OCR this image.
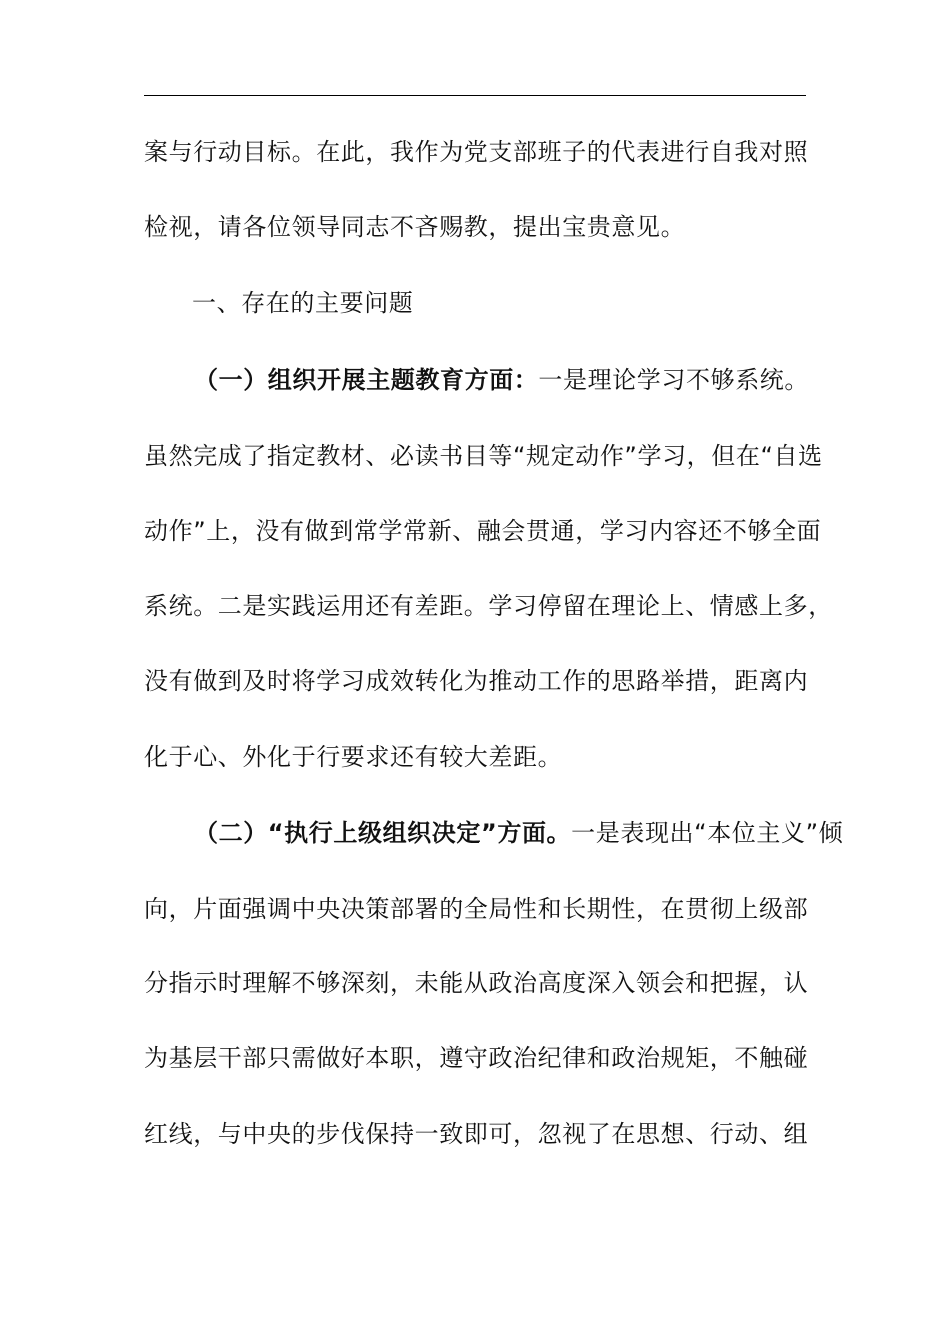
案与行动目标。在此，我作为党支部班子的代表进行自我对照
检视，请各位领导同志不吝赐教，提出宝贵意见。
一、存在的主要问题
（一）组织开展主题教育方面：一是理论学习不够系统。
虽然完成了指定教材、必读书目等“规定动作”学习，但在“自选
动作”上，没有做到常学常新、融会贯通，学习内容还不够全面
系统。二是实践运用还有差距。学习停留在理论上、情感上多，
没有做到及时将学习成效转化为推动工作的思路举措，距离内
化于心、外化于行要求还有较大差距。
（二）“执行上级组织决定”方面。一是表现出“本位主义”倾
向，片面强调中央决策部署的全局性和长期性，在贯彻上级部
分指示时理解不够深刻，未能从政治高度深入领会和把握，认
为基层干部只需做好本职，遵守政治纪律和政治规矩，不触碰
红线，与中央的步伐保持一致即可，忽视了在思想、行动、组
